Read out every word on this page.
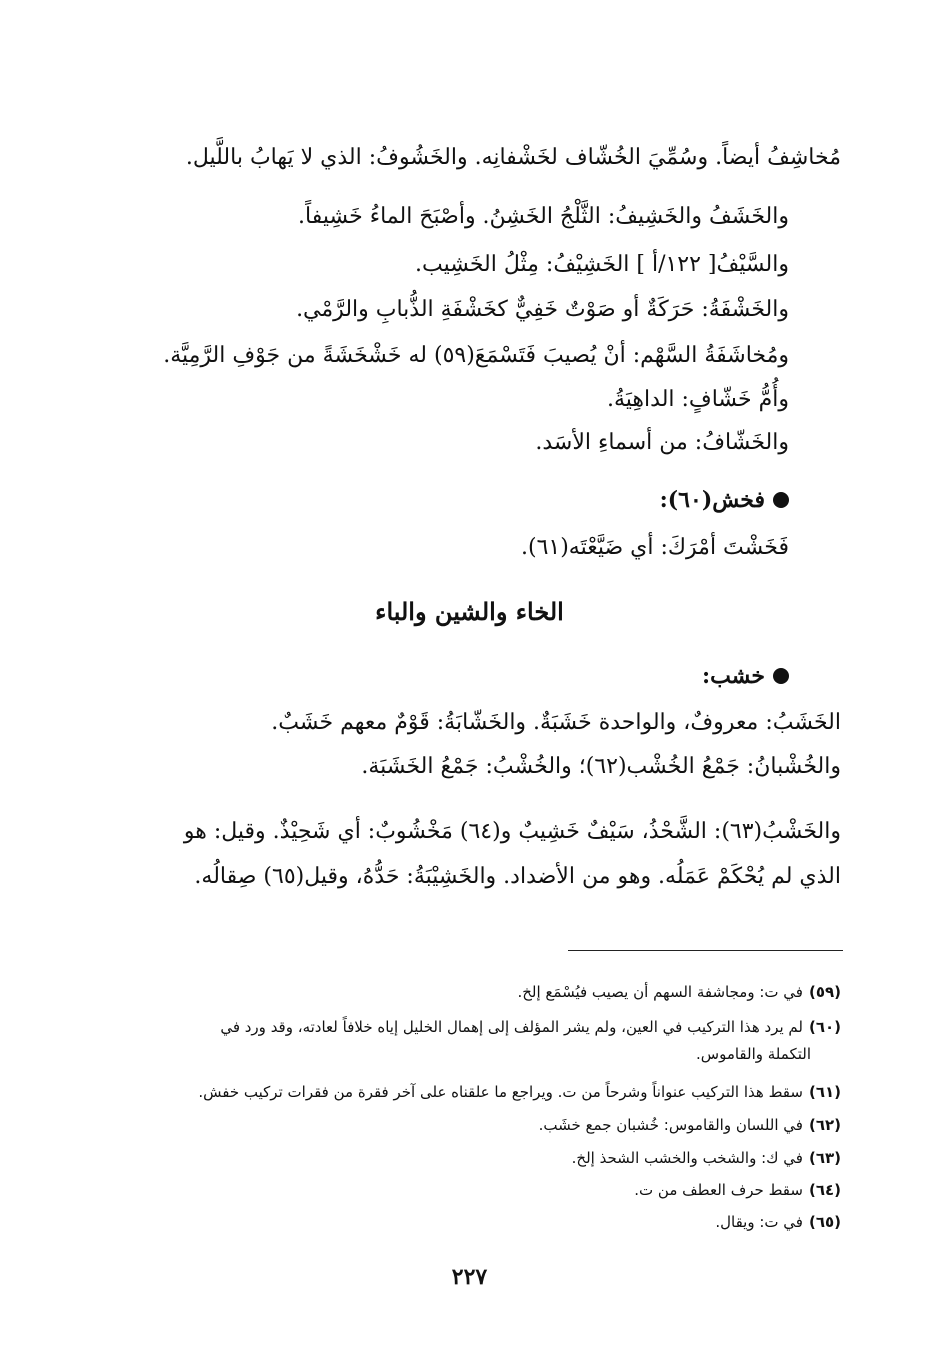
مُخاشِفُ أيضاً. وسُمِّيَ الخُشّاف لخَشْفانِه. والخَشُوفُ: الذي لا يَهابُ باللَّيل.
والخَشَفُ والخَشِيفُ: الثَّلْجُ الخَشِنُ. وأصْبَحَ الماءُ خَشِيفاً.
والسَّيْفُ[ ١٢٢/أ ] الخَشِيْفُ: مِثْلُ الخَشِيب.
والخَشْفَةُ: حَرَكَةٌ أو صَوْتٌ خَفِيٌّ كخَشْفَةِ الذُّبابِ والرَّمْي.
ومُخاشَفَةُ السَّهْم: أنْ يُصيبَ فَتَسْمَعَ(٥٩) له خَشْخَشَةً من جَوْفِ الرَّمِيَّة.
وأُمُّ خَشّافٍ: الداهِيَةُ.
والخَشّافُ: من أسماءِ الأسَد.
فخش(٦٠):
فَخَشْتَ أمْرَكَ: أي ضَيَّعْتَه(٦١).
الخاء والشين والباء
خشب:
الخَشَبُ: معروفٌ، والواحدة خَشَبَةٌ. والخَشّابَةُ: قَوْمٌ معهم خَشَبٌ.
والخُشْبانُ: جَمْعُ الخُشْب(٦٢)؛ والخُشْبُ: جَمْعُ الخَشَبَة.
والخَشْبُ(٦٣): الشَّحْذُ، سَيْفٌ خَشِيبٌ و(٦٤) مَخْشُوبٌ: أي شَحِيْذٌ. وقيل: هو
الذي لم يُحْكَمْ عَمَلُه. وهو من الأضداد. والخَشِيْبَةُ: حَدُّهُ، وقيل(٦٥) صِقالُه.
(٥٩)في ت: ومجاشفة السهم أن يصيب فيُسْمَع إلخ.
(٦٠)لم يرد هذا التركيب في العين، ولم يشر المؤلف إلى إهمال الخليل إياه خلافاً لعادته، وقد ورد في
التكملة والقاموس.
(٦١)سقط هذا التركيب عنواناً وشرحاً من ت. ويراجع ما علقناه على آخر فقرة من فقرات تركيب خفش.
(٦٢)في اللسان والقاموس: خُشبان جمع خشَب.
(٦٣)في ك: والشخب والخشب الشحذ إلخ.
(٦٤)سقط حرف العطف من ت.
(٦٥)في ت: ويقال.
٢٢٧
